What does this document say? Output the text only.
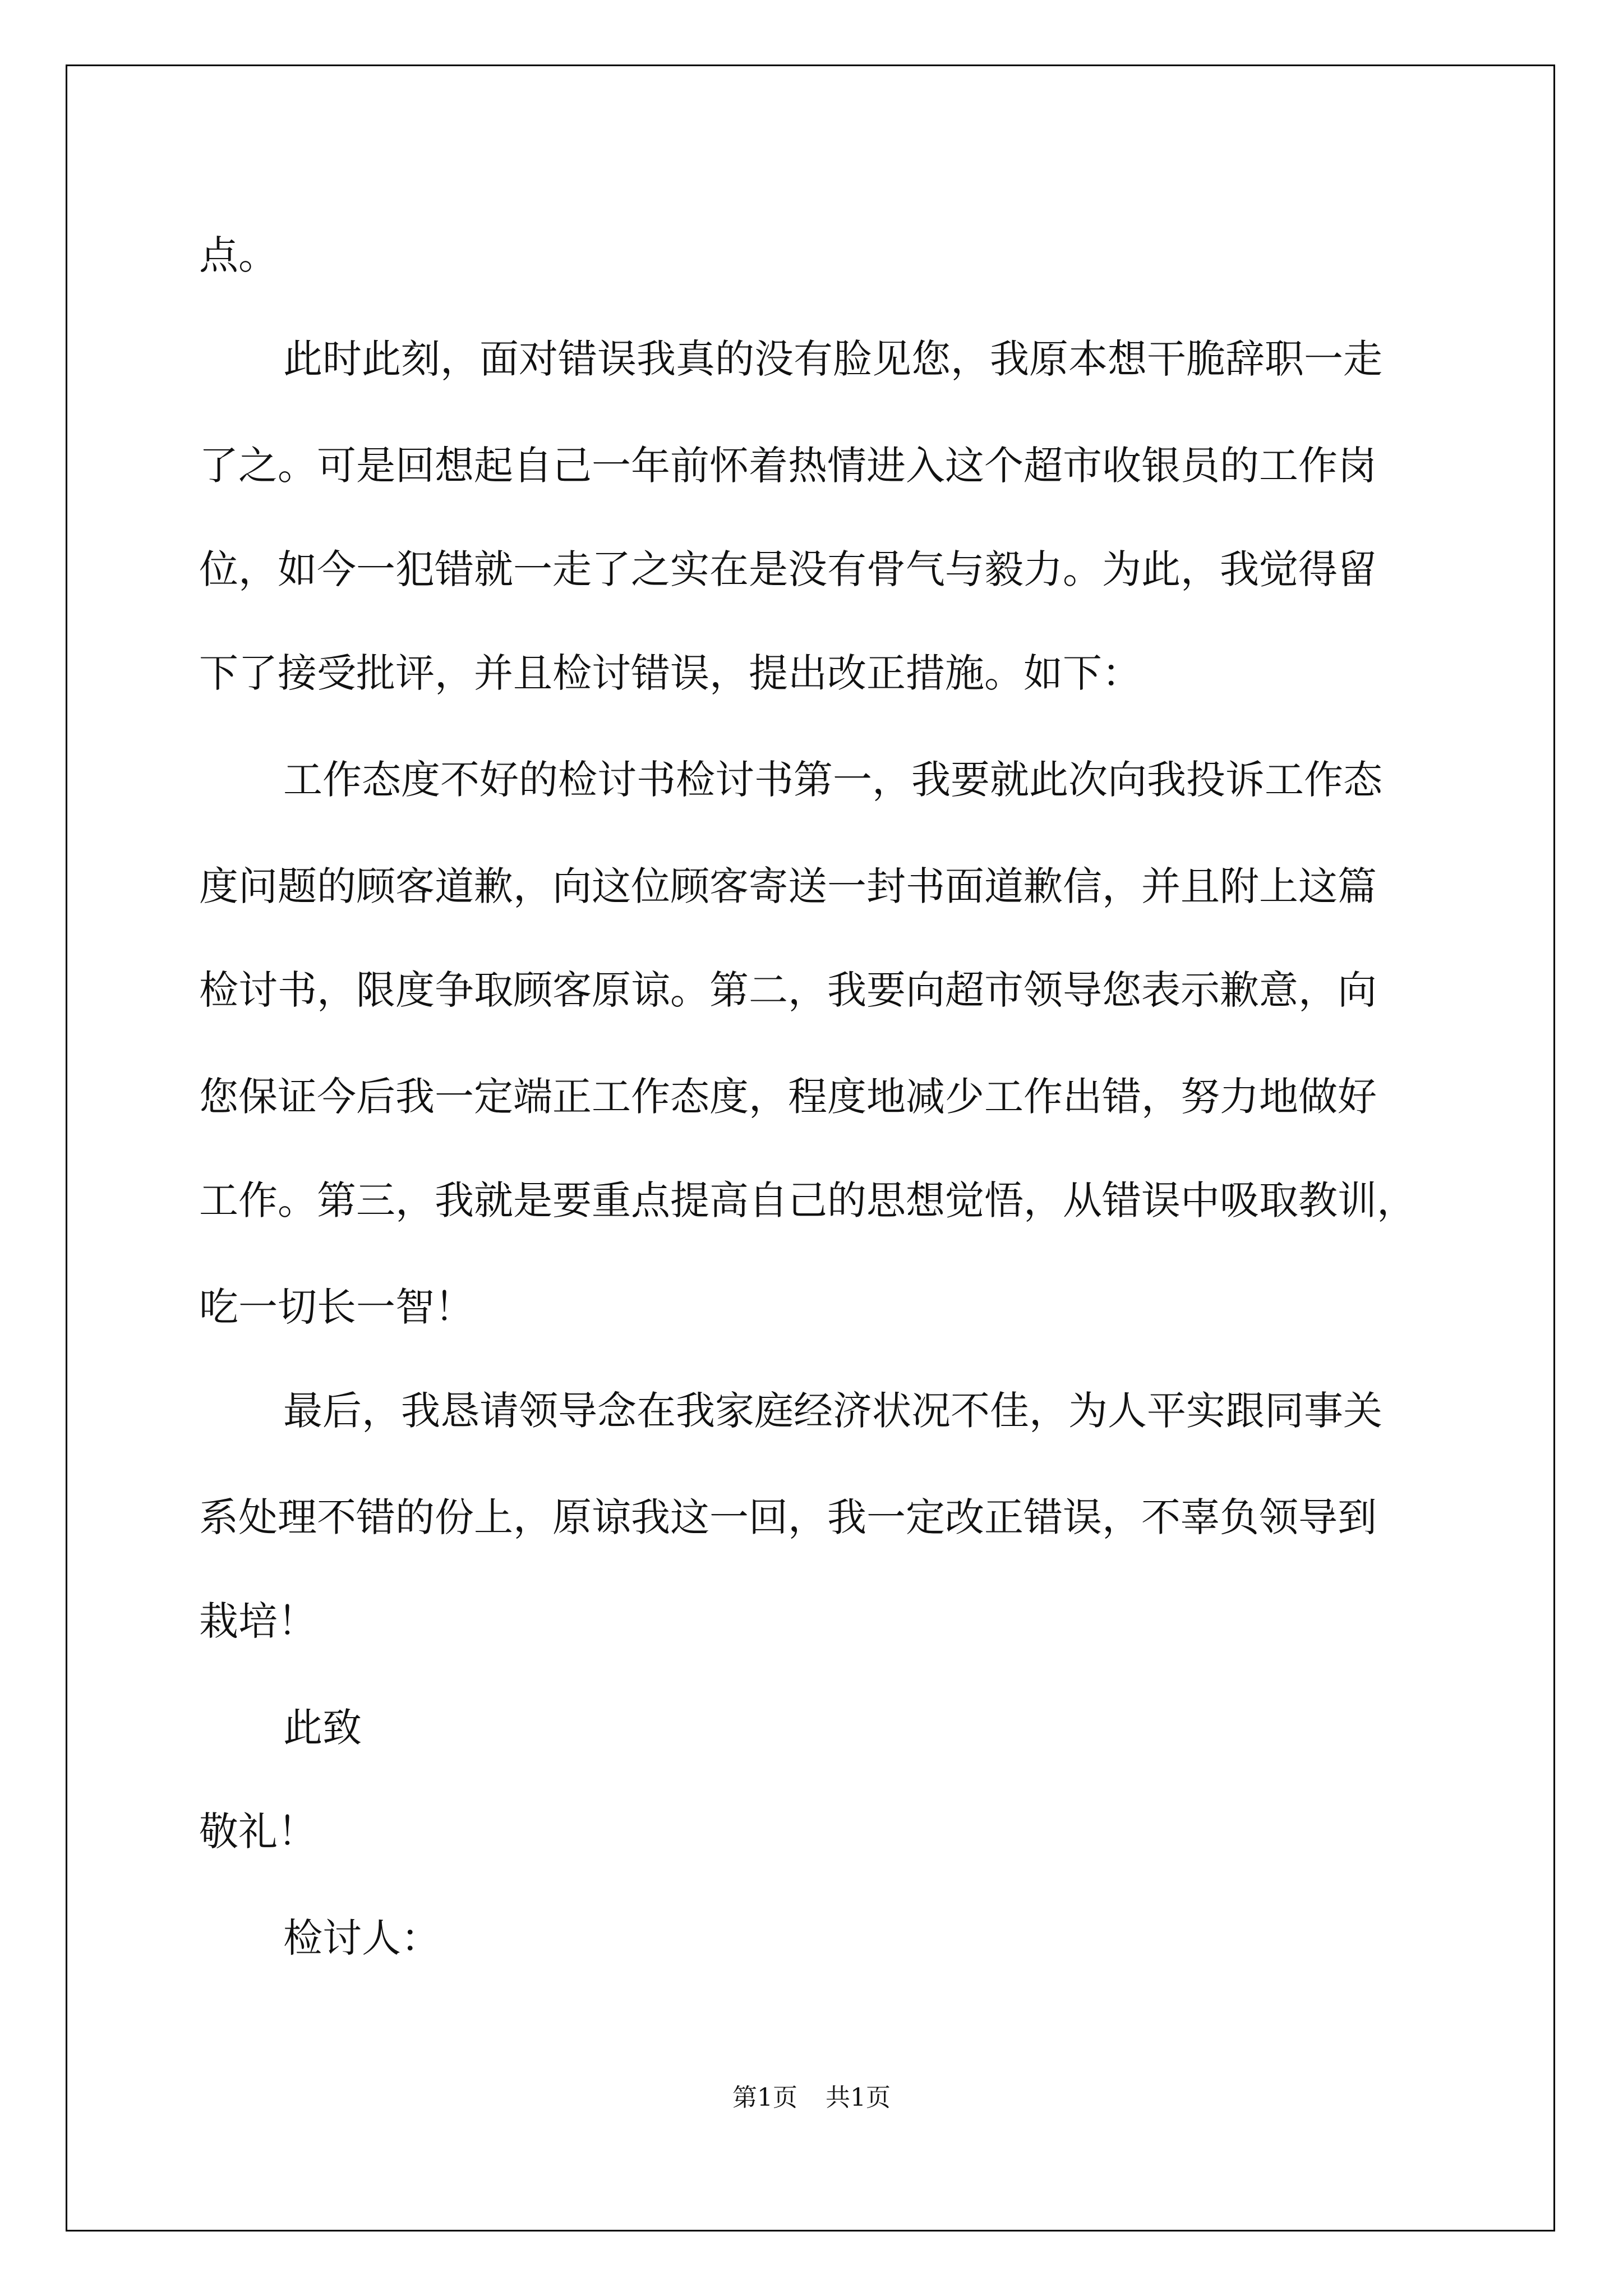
点。
此时此刻，面对错误我真的没有脸见您，我原本想干脆辞职一走
了之。可是回想起自己一年前怀着热情进入这个超市收银员的工作岗
位，如今一犯错就一走了之实在是没有骨气与毅力。为此，我觉得留
下了接受批评，并且检讨错误，提出改正措施。如下：
工作态度不好的检讨书检讨书第一，我要就此次向我投诉工作态
度问题的顾客道歉，向这位顾客寄送一封书面道歉信，并且附上这篇
检讨书，限度争取顾客原谅。第二，我要向超市领导您表示歉意，向
您保证今后我一定端正工作态度，程度地减少工作出错，努力地做好
工作。第三，我就是要重点提高自己的思想觉悟，从错误中吸取教训，
吃一切长一智！
最后，我恳请领导念在我家庭经济状况不佳，为人平实跟同事关
系处理不错的份上，原谅我这一回，我一定改正错误，不辜负领导到
栽培！
此致
敬礼！
检讨人：
第1页 共1页
